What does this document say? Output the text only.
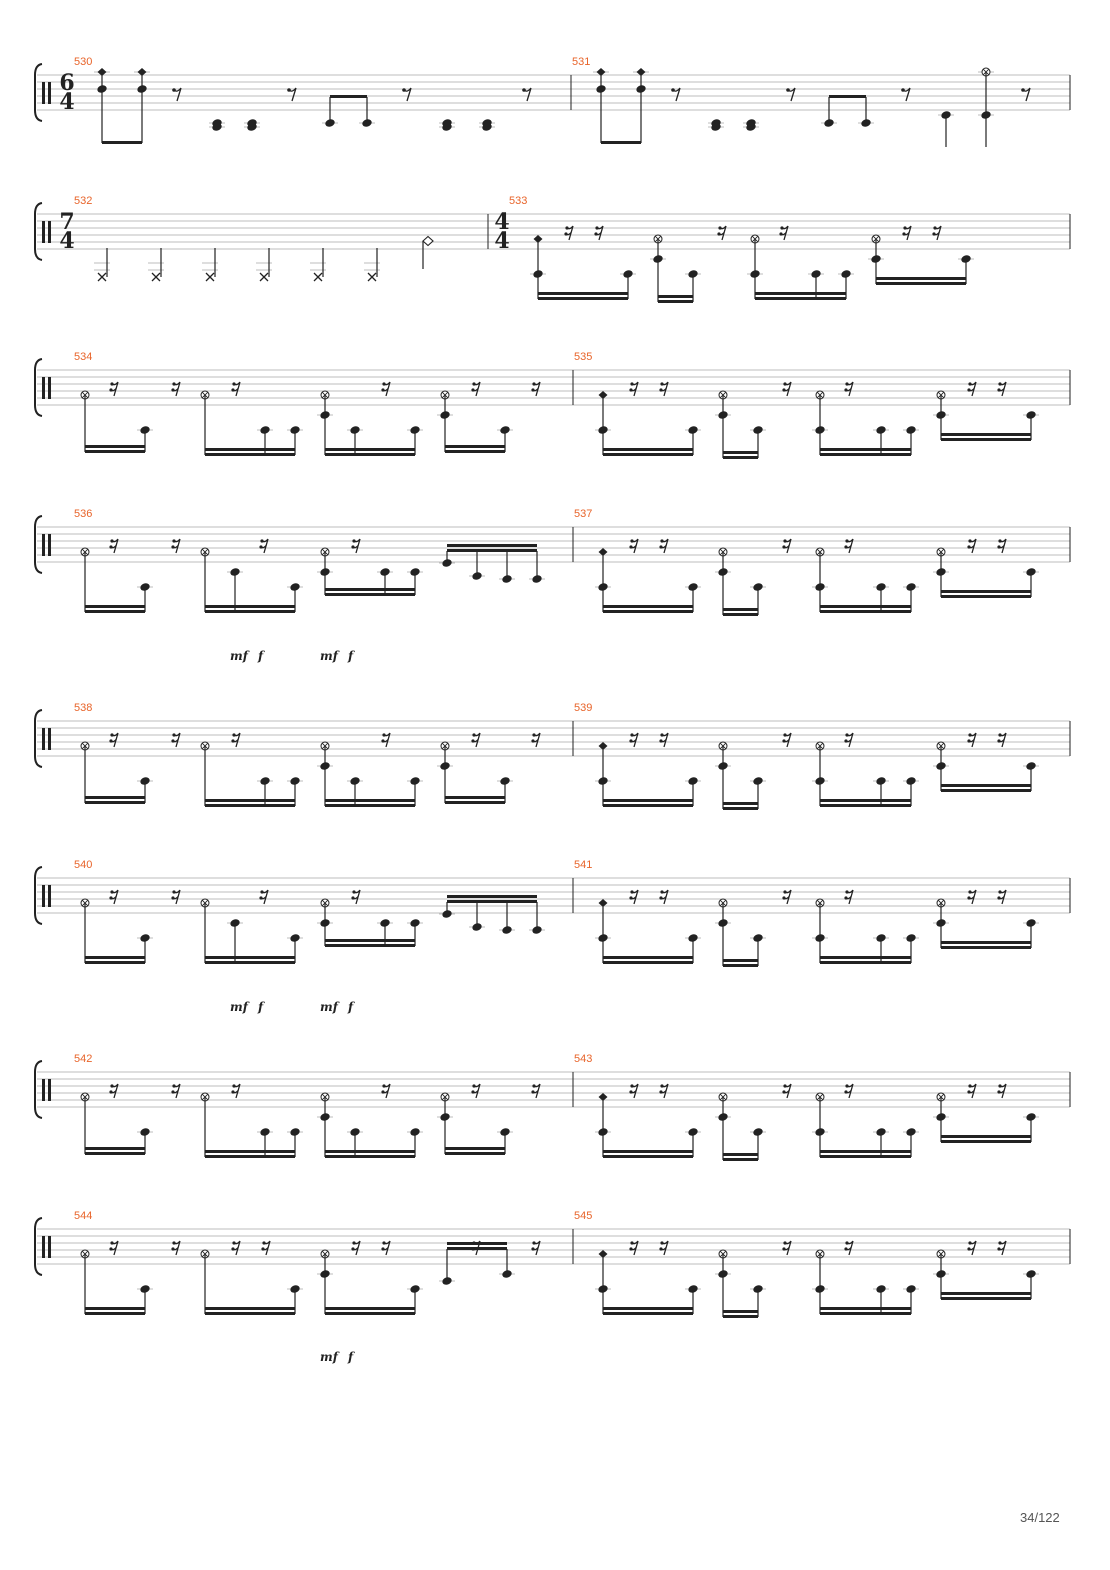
6
4
530	531
7
4
4
4
532	533
534	535
536	537
mf f	mf f
538	539
540	541
mf f	mf f
542	543
544	545
mf f
34/122
